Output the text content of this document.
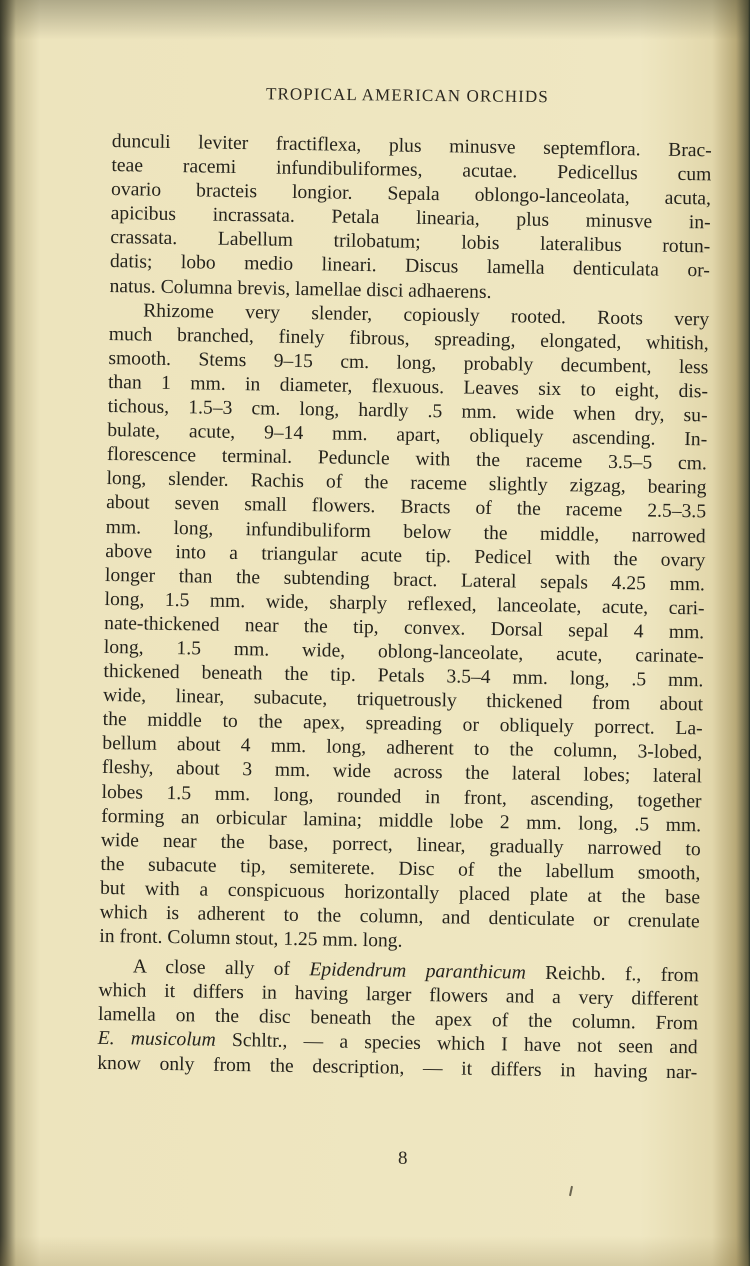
TROPICAL AMERICAN ORCHIDS
dunculi leviter fractiflexa, plus minusve septemflora. Brac-
teae racemi infundibuliformes, acutae. Pedicellus cum
ovario bracteis longior. Sepala oblongo-lanceolata, acuta,
apicibus incrassata. Petala linearia, plus minusve in-
crassata. Labellum trilobatum; lobis lateralibus rotun-
datis; lobo medio lineari. Discus lamella denticulata or-
natus. Columna brevis, lamellae disci adhaerens.
Rhizome very slender, copiously rooted. Roots very
much branched, finely fibrous, spreading, elongated, whitish,
smooth. Stems 9–15 cm. long, probably decumbent, less
than 1 mm. in diameter, flexuous. Leaves six to eight, dis-
tichous, 1.5–3 cm. long, hardly .5 mm. wide when dry, su-
bulate, acute, 9–14 mm. apart, obliquely ascending. In-
florescence terminal. Peduncle with the raceme 3.5–5 cm.
long, slender. Rachis of the raceme slightly zigzag, bearing
about seven small flowers. Bracts of the raceme 2.5–3.5
mm. long, infundibuliform below the middle, narrowed
above into a triangular acute tip. Pedicel with the ovary
longer than the subtending bract. Lateral sepals 4.25 mm.
long, 1.5 mm. wide, sharply reflexed, lanceolate, acute, cari-
nate-thickened near the tip, convex. Dorsal sepal 4 mm.
long, 1.5 mm. wide, oblong-lanceolate, acute, carinate-
thickened beneath the tip. Petals 3.5–4 mm. long, .5 mm.
wide, linear, subacute, triquetrously thickened from about
the middle to the apex, spreading or obliquely porrect. La-
bellum about 4 mm. long, adherent to the column, 3-lobed,
fleshy, about 3 mm. wide across the lateral lobes; lateral
lobes 1.5 mm. long, rounded in front, ascending, together
forming an orbicular lamina; middle lobe 2 mm. long, .5 mm.
wide near the base, porrect, linear, gradually narrowed to
the subacute tip, semiterete. Disc of the labellum smooth,
but with a conspicuous horizontally placed plate at the base
which is adherent to the column, and denticulate or crenulate
in front. Column stout, 1.25 mm. long.
A close ally of Epidendrum paranthicum Reichb. f., from
which it differs in having larger flowers and a very different
lamella on the disc beneath the apex of the column. From
E. musicolum Schltr., — a species which I have not seen and
know only from the description, — it differs in having nar-
8
